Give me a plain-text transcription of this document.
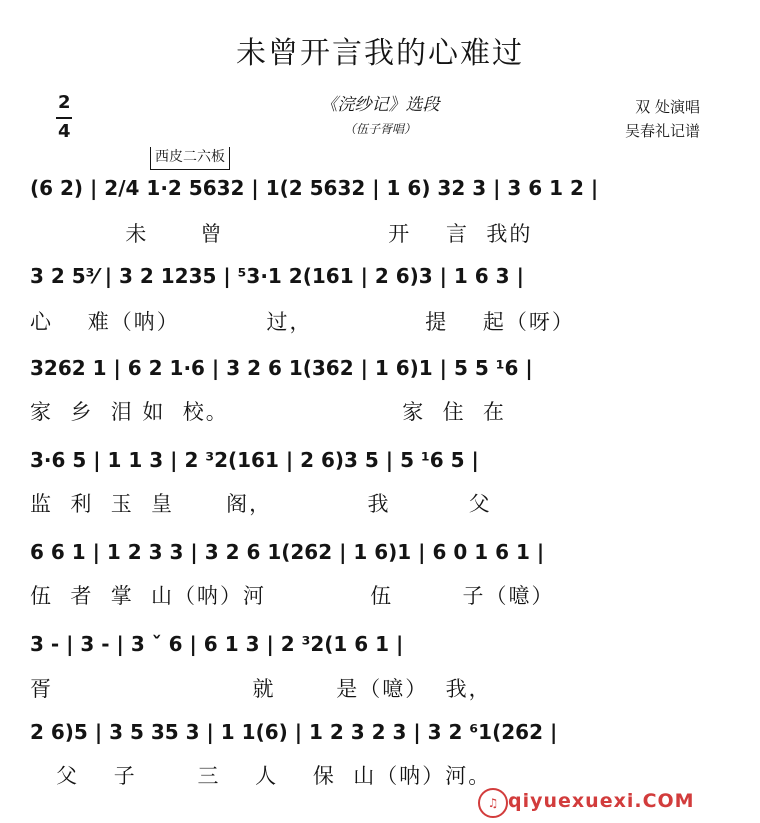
未曾开言我的心难过
《浣纱记》选段
（伍子胥唱）
双 处演唱
吴春礼记谱
2
4
西皮二六板
(6 2) | 2/4 1·2 5632 | 1(2 5632 | 1 6) 32 3 | 3 6 1 2 |
未      曾                   开    言  我的
3 2 5³⁄ | 3 2 1235 | ⁵3·1 2(161 | 2 6)3 | 1 6 3 |
心    难（呐）          过，             提    起（呀）
3262 1 | 6 2 1·6 | 3 2 6 1(362 | 1 6)1 | 5 5 ¹6 |
家  乡  泪 如  校。                    家  住  在
3·6 5 | 1 1 3 | 2 ³2(161 | 2 6)3 5 | 5 ¹6 5 |
监  利  玉  皇      阁，           我         父
6 6 1 | 1 2 3 3 | 3 2 6 1(262 | 1 6)1 | 6 0 1 6 1 |
伍  者  掌  山（呐）河            伍        子（噫）
3 - | 3 - | 3 ˇ 6 | 6 1 3 | 2 ³2(1 6 1 |
胥                       就       是（噫）  我，
2 6)5 | 3 5 35 3 | 1 1(6) | 1 2 3 2 3 | 3 2 ⁶1(262 |
父    子       三    人    保  山（呐）河。
♫ qiyuexuexi.COM
